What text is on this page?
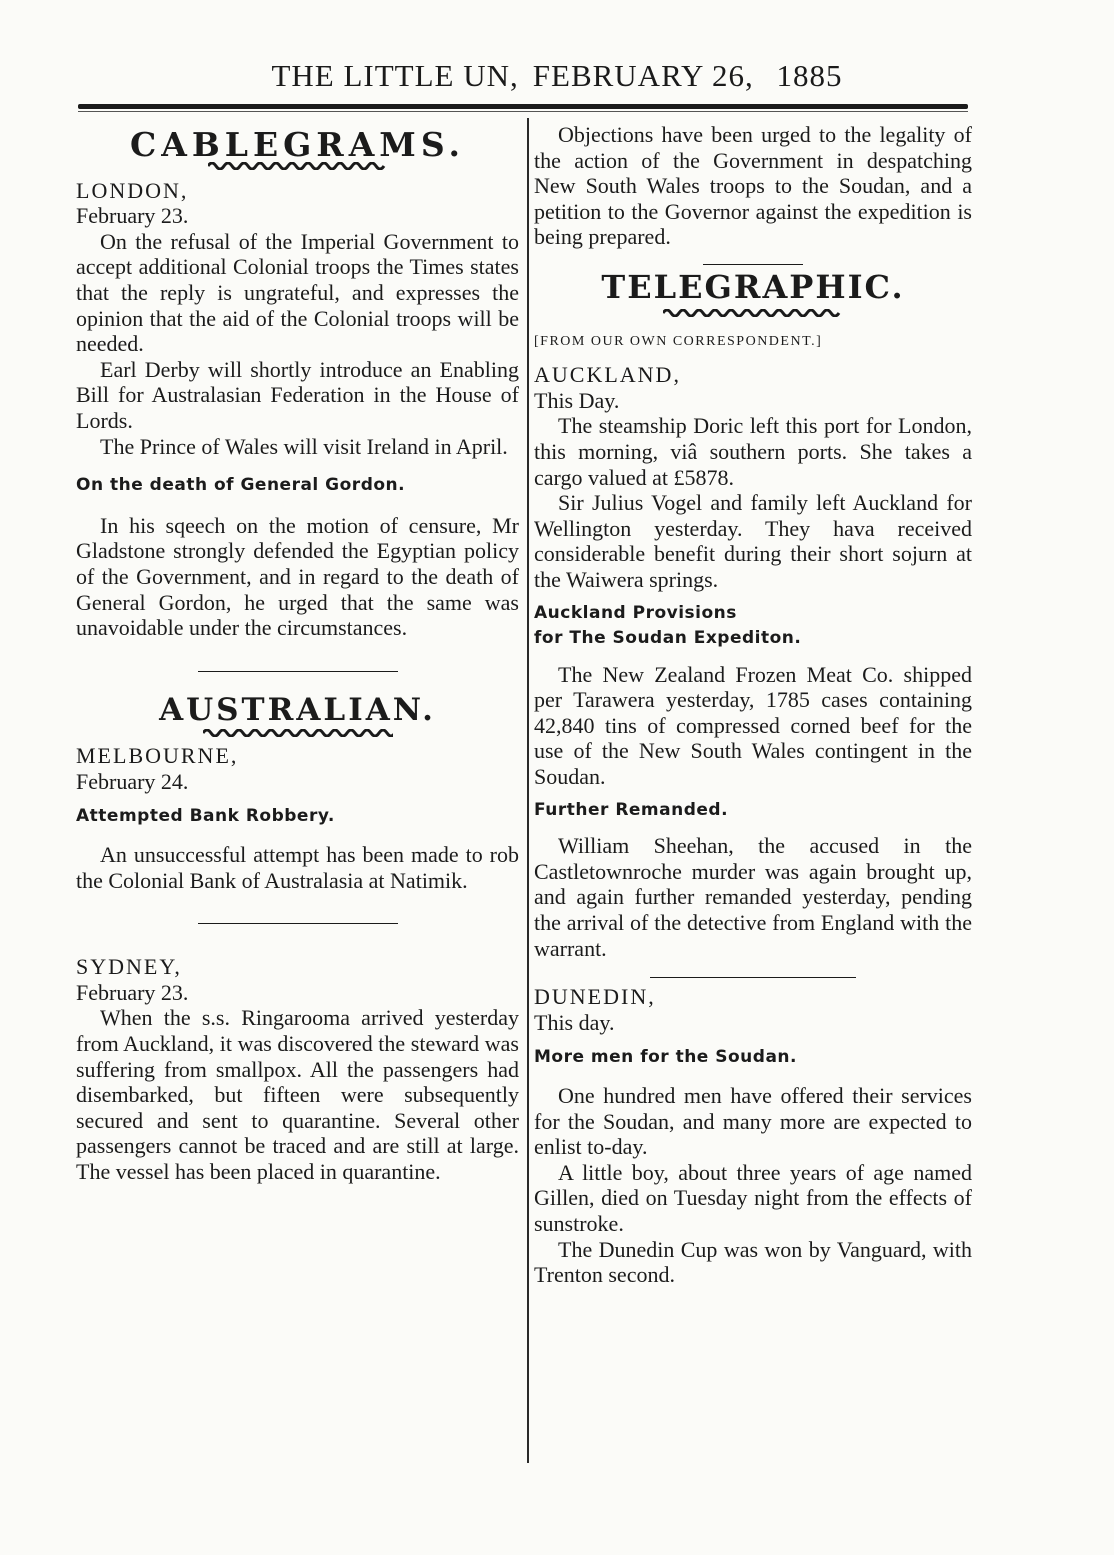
THE LITTLE UN, FEBRUARY 26, 1885
CABLEGRAMS.

LONDON,

February 23.

On the refusal of the Imperial Government to accept additional Colonial troops the Times states that the reply is ungrateful, and expresses the opinion that the aid of the Colonial troops will be needed.

Earl Derby will shortly introduce an Enabling Bill for Australasian Federation in the House of Lords.

The Prince of Wales will visit Ireland in April.

On the death of General Gordon.

In his sqeech on the motion of censure, Mr Gladstone strongly defended the Egyptian policy of the Government, and in regard to the death of General Gordon, he urged that the same was unavoidable under the circumstances.

AUSTRALIAN.

MELBOURNE,

February 24.

Attempted Bank Robbery.

An unsuccessful attempt has been made to rob the Colonial Bank of Australasia at Natimik.

SYDNEY,

February 23.

When the s.s. Ringarooma arrived yesterday from Auckland, it was discovered the steward was suffering from smallpox. All the passengers had disembarked, but fifteen were subsequently secured and sent to quarantine. Several other passengers cannot be traced and are still at large. The vessel has been placed in quarantine.

Objections have been urged to the legality of the action of the Government in despatching New South Wales troops to the Soudan, and a petition to the Governor against the expedition is being prepared.

TELEGRAPHIC.

[FROM OUR OWN CORRESPONDENT.]

AUCKLAND,

This Day.

The steamship Doric left this port for London, this morning, viâ southern ports. She takes a cargo valued at £5878.

Sir Julius Vogel and family left Auckland for Wellington yesterday. They hava received considerable benefit during their short sojurn at the Waiwera springs.

Auckland Provisions

for The Soudan Expediton.

The New Zealand Frozen Meat Co. shipped per Tarawera yesterday, 1785 cases containing 42,840 tins of compressed corned beef for the use of the New South Wales contingent in the Soudan.

Further Remanded.

William Sheehan, the accused in the Castletownroche murder was again brought up, and again further remanded yesterday, pending the arrival of the detective from England with the warrant.

DUNEDIN,

This day.

More men for the Soudan.

One hundred men have offered their services for the Soudan, and many more are expected to enlist to-day.

A little boy, about three years of age named Gillen, died on Tuesday night from the effects of sunstroke.

The Dunedin Cup was won by Vanguard, with Trenton second.
